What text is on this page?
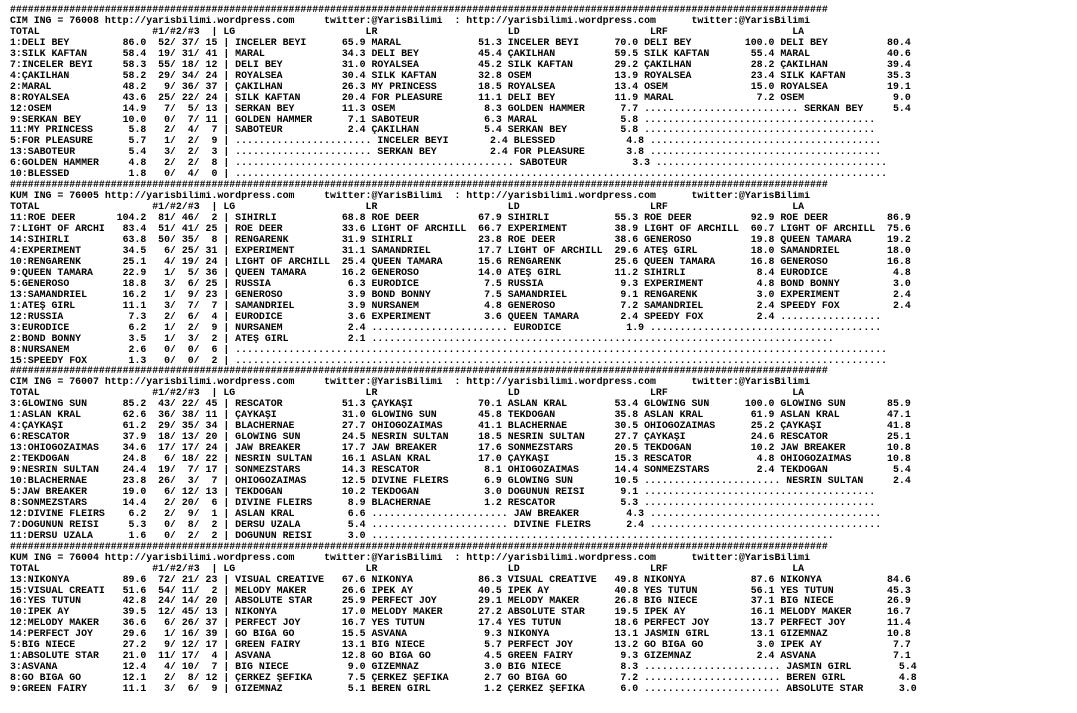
##########################################################################################################################################
CIM ING = 76008 http://yarisbilimi.wordpress.com     twitter:@YarisBilimi  : http://yarisbilimi.wordpress.com      twitter:@YarisBilimi
TOTAL                   #1/#2/#3  | LG                      LR                      LD                      LRF                     LA
1:DELİ BEY         86.0  52/ 37/ 15 | İNCELER BEYİ      65.9 MARAL             51.3 İNCELER BEYİ      70.0 DELİ BEY         100.0 DELİ BEY          80.4
3:SILK KAFTAN      58.4  19/ 31/ 41 | MARAL             34.3 DELİ BEY          45.4 ÇAKILHAN          59.5 SILK KAFTAN       55.4 MARAL             40.6
7:İNCELER BEYİ     58.3  55/ 18/ 12 | DELİ BEY          31.0 ROYALSEA          45.2 SILK KAFTAN       29.2 ÇAKILHAN          28.2 ÇAKILHAN          39.4
4:ÇAKILHAN         58.2  29/ 34/ 24 | ROYALSEA          30.4 SILK KAFTAN       32.8 ÖSEM              13.9 ROYALSEA          23.4 SILK KAFTAN       35.3
2:MARAL            48.2   9/ 36/ 37 | ÇAKILHAN          26.3 MY PRINCESS       18.5 ROYALSEA          13.4 ÖSEM              15.0 ROYALSEA          19.1
8:ROYALSEA         43.6  25/ 22/ 24 | SILK KAFTAN       20.4 FOR PLEASURE      11.1 DELİ BEY          11.9 MARAL              7.2 ÖSEM               9.0
12:ÖSEM            14.9   7/  5/ 13 | SERKAN BEY        11.3 ÖSEM               8.3 GOLDEN HAMMER      7.7 .......................... SERKAN BEY     5.4
9:SERKAN BEY       10.0   0/  7/ 11 | GOLDEN HAMMER      7.1 SABOTEUR           6.3 MARAL              5.8 .......................................
11:MY PRINCESS      5.8   2/  4/  7 | SABOTEUR           2.4 ÇAKILHAN           5.4 SERKAN BEY         5.8 .......................................
5:FOR PLEASURE      5.7   1/  2/  9 | ....................... İNCELER BEYİ       2.4 BLESSED            4.8 .......................................
13:SABOTEUR         5.4   3/  2/  3 | ....................... SERKAN BEY         2.4 FOR PLEASURE       3.8 .......................................
6:GOLDEN HAMMER     4.8   2/  2/  8 | ............................................... SABOTEUR           3.3 .......................................
10:BLESSED          1.8   0/  4/  0 | ..............................................................................................................
##########################################################################################################################################
KUM ING = 76005 http://yarisbilimi.wordpress.com     twitter:@YarisBilimi  : http://yarisbilimi.wordpress.com      twitter:@YarisBilimi
TOTAL                   #1/#2/#3  | LG                      LR                      LD                      LRF                     LA
11:ROE DEER       104.2  81/ 46/  2 | SİHİRLİ           68.8 ROE DEER          67.9 SİHİRLİ           55.3 ROE DEER          92.9 ROE DEER          86.9
7:LIGHT OF ARCHI   83.4  51/ 41/ 25 | ROE DEER          33.6 LIGHT OF ARCHILL  66.7 EXPERIMENT        38.9 LIGHT OF ARCHILL  60.7 LIGHT OF ARCHILL  75.6
14:SİHİRLİ         63.8  50/ 35/  8 | RENGARENK         31.9 SİHİRLİ           23.8 ROE DEER          38.6 GENEROSO          19.8 QUEEN TAMARA      19.2
4:EXPERIMENT       34.5   6/ 25/ 31 | EXPERIMENT        31.1 SAMANDRIEL        17.7 LIGHT OF ARCHILL  29.6 ATEŞ GIRL         18.0 SAMANDRIEL        18.0
10:RENGARENK       25.1   4/ 19/ 24 | LIGHT OF ARCHILL  25.4 QUEEN TAMARA      15.6 RENGARENK         25.6 QUEEN TAMARA      16.8 GENEROSO          16.8
9:QUEEN TAMARA     22.9   1/  5/ 36 | QUEEN TAMARA      16.2 GENEROSO          14.0 ATEŞ GIRL         11.2 SİHİRLİ            8.4 EURODICE           4.8
5:GENEROSO         18.8   3/  6/ 25 | RUSSIA             6.3 EURODICE           7.5 RUSSIA             9.3 EXPERIMENT         4.8 BOND BONNY         3.0
13:SAMANDRIEL      16.2   1/  9/ 23 | GENEROSO           3.9 BOND BONNY         7.5 SAMANDRIEL         9.1 RENGARENK          3.0 EXPERIMENT         2.4
1:ATEŞ GIRL        11.1   3/  7/  7 | SAMANDRIEL         3.9 NURSANEM           4.8 GENEROSO           7.2 SAMANDRIEL         2.4 SPEEDY FOX         2.4
12:RUSSIA           7.3   2/  6/  4 | EURODICE           3.6 EXPERIMENT         3.6 QUEEN TAMARA       2.4 SPEEDY FOX         2.4 .................
3:EURODICE          6.2   1/  2/  9 | NURSANEM           2.4 ....................... EURODICE           1.9 .......................................
2:BOND BONNY        3.5   1/  3/  2 | ATEŞ GIRL          2.1 ..............................................................................
8:NURSANEM          2.6   0/  0/  6 | ..............................................................................................................
15:SPEEDY FOX       1.3   0/  0/  2 | ..............................................................................................................
##########################################################################################################################################
CIM ING = 76007 http://yarisbilimi.wordpress.com     twitter:@YarisBilimi  : http://yarisbilimi.wordpress.com      twitter:@YarisBilimi
TOTAL                   #1/#2/#3  | LG                      LR                      LD                      LRF                     LA
3:GLOWING SUN      85.2  43/ 22/ 45 | RESCATOR          51.3 ÇAYKAŞI           70.1 ASLAN KRAL        53.4 GLOWING SUN      100.0 GLOWING SUN       85.9
1:ASLAN KRAL       62.6  36/ 38/ 11 | ÇAYKAŞI           31.0 GLOWING SUN       45.8 TEKDOĞAN          35.8 ASLAN KRAL        61.9 ASLAN KRAL        47.1
4:ÇAYKAŞI          61.2  29/ 35/ 34 | BLACHERNAE        27.7 OHIOGOZAIMAS      41.1 BLACHERNAE        30.5 OHIOGOZAIMAS      25.2 ÇAYKAŞI           41.8
6:RESCATOR         37.9  18/ 13/ 20 | GLOWING SUN       24.5 NESRİN SULTAN     18.5 NESRİN SULTAN     27.7 ÇAYKAŞI           24.6 RESCATOR          25.1
13:OHIOGOZAIMAS    34.6  17/ 17/ 24 | JAW BREAKER       17.7 JAW BREAKER       17.6 SÖNMEZSTARS       20.5 TEKDOĞAN          10.2 JAW BREAKER       10.8
2:TEKDOĞAN         24.8   6/ 18/ 22 | NESRİN SULTAN     16.1 ASLAN KRAL        17.0 ÇAYKAŞI           15.3 RESCATOR           4.8 OHIOGOZAIMAS      10.8
9:NESRİN SULTAN    24.4  19/  7/ 17 | SÖNMEZSTARS       14.3 RESCATOR           8.1 OHIOGOZAIMAS      14.4 SÖNMEZSTARS        2.4 TEKDOĞAN           5.4
10:BLACHERNAE      23.8  26/  3/  7 | OHIOGOZAIMAS      12.5 DIVINE FLEIRS      6.9 GLOWING SUN       10.5 ....................... NESRİN SULTAN     2.4
5:JAW BREAKER      19.0   6/ 12/ 13 | TEKDOĞAN          10.2 TEKDOĞAN           3.0 DOĞUNUN REİSİ      9.1 .......................................
8:SÖNMEZSTARS      14.4   2/ 20/  6 | DIVINE FLEIRS      8.9 BLACHERNAE         1.2 RESCATOR           5.3 .......................................
12:DIVINE FLEIRS    6.2   2/  9/  1 | ASLAN KRAL         6.6 ....................... JAW BREAKER        4.3 .......................................
7:DOĞUNUN REİSİ     5.3   0/  8/  2 | DERSU UZALA        5.4 ....................... DIVINE FLEIRS      2.4 .......................................
11:DERSU UZALA      1.6   0/  2/  2 | DOĞUNUN REİSİ      3.0 ..............................................................................
##########################################################################################################################################
KUM ING = 76004 http://yarisbilimi.wordpress.com     twitter:@YarisBilimi  : http://yarisbilimi.wordpress.com      twitter:@YarisBilimi
TOTAL                   #1/#2/#3  | LG                      LR                      LD                      LRF                     LA
13:NIKONYA         89.6  72/ 21/ 23 | VISUAL CREATIVE   67.6 NIKONYA           86.3 VISUAL CREATIVE   49.8 NIKONYA           87.6 NIKONYA           84.6
15:VISUAL CREATI   51.6  54/ 11/  2 | MELODY MAKER      26.6 İPEK AY           40.5 İPEK AY           40.8 YES TÜTÜN         56.1 YES TÜTÜN         45.3
16:YES TÜTÜN       42.8  24/ 14/ 20 | ABSOLUTE STAR     25.9 PERFECT JOY       29.1 MELODY MAKER      26.8 BIG NIECE         37.1 BIG NIECE         26.9
10:İPEK AY         39.5  12/ 45/ 13 | NIKONYA           17.0 MELODY MAKER      27.2 ABSOLUTE STAR     19.5 İPEK AY           16.1 MELODY MAKER      16.7
12:MELODY MAKER    36.6   6/ 26/ 37 | PERFECT JOY       16.7 YES TÜTÜN         17.4 YES TÜTÜN         18.6 PERFECT JOY       13.7 PERFECT JOY       11.4
14:PERFECT JOY     29.6   1/ 16/ 39 | GO BIGA GO        15.5 ASVANA             9.3 NIKONYA           13.1 JASMIN GIRL       13.1 GİZEMNAZ          10.8
5:BIG NIECE        27.2   9/ 12/ 17 | GREEN FAIRY       13.1 BIG NIECE          5.7 PERFECT JOY       13.2 GO BIGA GO         3.0 İPEK AY            7.7
1:ABSOLUTE STAR    21.0  11/ 17/  4 | ASVANA            12.8 GO BIGA GO         4.5 GREEN FAIRY        9.3 GİZEMNAZ           2.4 ASVANA             7.1
3:ASVANA           12.4   4/ 10/  7 | BIG NIECE          9.0 GİZEMNAZ           3.0 BIG NIECE          8.3 ....................... JASMIN GIRL        5.4
8:GO BIGA GO       12.1   2/  8/ 12 | ÇERKEZ ŞEFİKA      7.5 ÇERKEZ ŞEFİKA      2.7 GO BIGA GO         7.2 ....................... BEREN GIRL         4.8
9:GREEN FAIRY      11.1   3/  6/  9 | GİZEMNAZ           5.1 BEREN GIRL         1.2 ÇERKEZ ŞEFİKA      6.0 ....................... ABSOLUTE STAR      3.0
